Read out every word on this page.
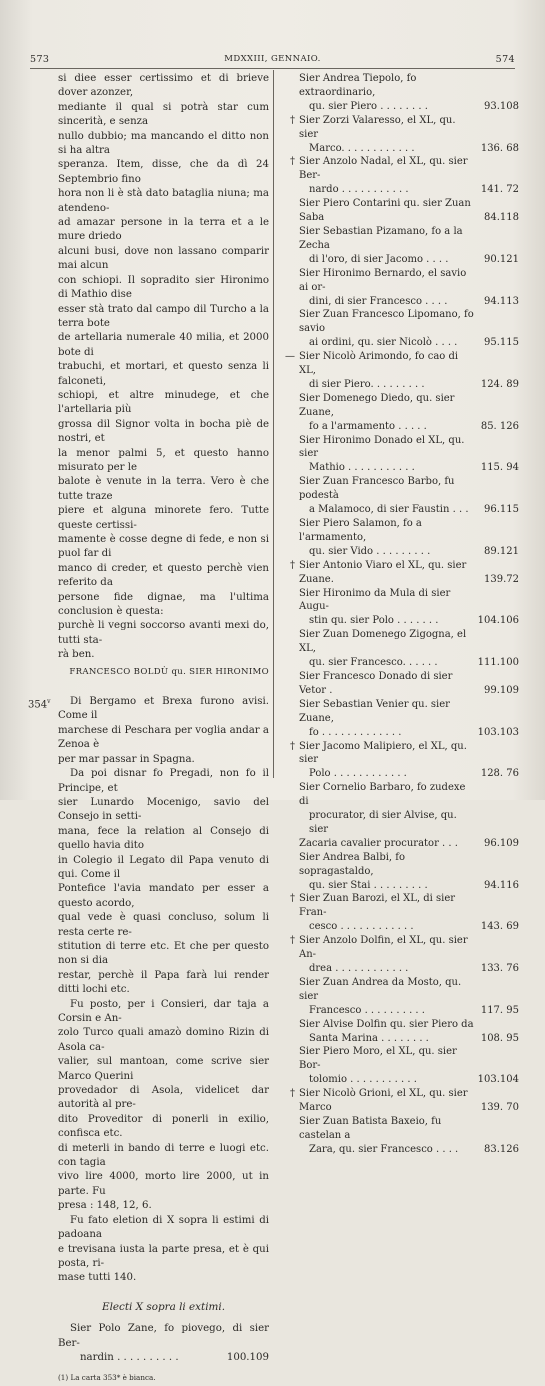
573	MDXXIII, GENNAIO.	574

si diee esser certissimo et di brieve dover azonzer,

mediante il qual si potrà star cum sincerità, e senza

nullo dubbio; ma mancando el ditto non si ha altra

speranza. Item, disse, che da dì 24 Septembrio fino

hora non li è stà dato bataglia niuna; ma atendeno-

ad amazar persone in la terra et a le mure driedo

alcuni busi, dove non lassano comparir mai alcun

con schiopi. Il sopradito sier Hironimo di Mathio dise

esser stà trato dal campo dil Turcho a la terra bote

de artellaria numerale 40 milia, et 2000 bote di

trabuchi, et mortari, et questo senza li falconeti,

schiopi, et altre minudege, et che l'artellaria più

grossa dil Signor volta in bocha piè de nostri, et

la menor palmi 5, et questo hanno misurato per le

balote è venute in la terra. Vero è che tutte traze

piere et alguna minorete fero. Tutte queste certissi-

mamente è cosse degne di fede, e non si puol far di

manco di creder, et questo perchè vien referito da

persone fide dignae, ma l'ultima conclusion è questa:

purchè li vegni soccorso avanti mexi do, tutti sta-

rà ben.

FRANCESCO BOLDÙ qu. SIER HIRONIMO

354$^v$	Di Bergamo et Brexa furono avisi. Come il

marchese di Peschara per voglia andar a Zenoa è

per mar passar in Spagna.

Da poi disnar fo Pregadi, non fo il Principe, et

sier Lunardo Mocenigo, savio del Consejo in setti-

mana, fece la relation al Consejo di quello havia dito

in Colegio il Legato dil Papa venuto di qui. Come il

Pontefice l'avia mandato per esser a questo acordo,

qual vede è quasi concluso, solum li resta certe re-

stitution di terre etc. Et che per questo non si dia

restar, perchè il Papa farà lui render ditti lochi etc.

Fu posto, per i Consieri, dar taja a Corsin e An-

zolo Turco quali amazò domino Rizin di Asola ca-

valier, sul mantoan, come scrive sier Marco Querini

provedador di Asola, videlicet dar autorità al pre-

dito Proveditor di ponerli in exilio, confisca etc.

di meterli in bando di terre e luogi etc. con tagia

vivo lire 4000, morto lire 2000, ut in parte. Fu

presa : 148, 12, 6.

Fu fato eletion di X sopra li estimi di padoana

e trevisana iusta la parte presa, et è qui posta, ri-

mase tutti 140.

Electi X sopra li extimi.

Sier Polo Zane, fo piovego, di sier Ber-

nardin . . . . . . . . . .	100.109

(1) La carta 353* è bianca.

Sier Andrea Tiepolo, fo extraordinario,
qu. sier Piero . . . . . . . .	93.108
† Sier Zorzi Valaresso, el XL, qu. sier
Marco. . . . . . . . . . . .	136. 68
† Sier Anzolo Nadal, el XL, qu. sier Ber-
nardo . . . . . . . . . . .	141. 72
Sier Piero Contarini qu. sier Zuan Saba	84.118
Sier Sebastian Pizamano, fo a la Zecha
di l'oro, di sier Jacomo . . . .	90.121
Sier Hironimo Bernardo, el savio ai or-
dini, di sier Francesco . . . .	94.113
Sier Zuan Francesco Lipomano, fo savio
ai ordini, qu. sier Nicolò . . . .	95.115
— Sier Nicolò Arimondo, fo cao di XL,
di sier Piero. . . . . . . . .	124. 89
Sier Domenego Diedo, qu. sier Zuane,
fo a l'armamento . . . . .	85. 126
Sier Hironimo Donado el XL, qu. sier
Mathio . . . . . . . . . . .	115. 94
Sier Zuan Francesco Barbo, fu podestà
a Malamoco, di sier Faustin . . .	96.115
Sier Piero Salamon, fo a l'armamento,
qu. sier Vido . . . . . . . . .	89.121
† Sier Antonio Viaro el XL, qu. sier Zuane.	139.72
Sier Hironimo da Mula di sier Augu-
stin qu. sier Polo . . . . . . .	104.106
Sier Zuan Domenego Zigogna, el XL,
qu. sier Francesco. . . . . .	111.100
Sier Francesco Donado di sier Vetor .	99.109
Sier Sebastian Venier qu. sier Zuane,
fo . . . . . . . . . . . . .	103.103
† Sier Jacomo Malipiero, el XL, qu. sier
Polo . . . . . . . . . . . .	128. 76
Sier Cornelio Barbaro, fo zudexe di
procurator, di sier Alvise, qu. sier
Zacaria cavalier procurator . . .	96.109
Sier Andrea Balbi, fo sopragastaldo,
qu. sier Stai . . . . . . . . .	94.116
† Sier Zuan Barozi, el XL, di sier Fran-
cesco . . . . . . . . . . . .	143. 69
† Sier Anzolo Dolfin, el XL, qu. sier An-
drea . . . . . . . . . . . .	133. 76
Sier Zuan Andrea da Mosto, qu. sier
Francesco . . . . . . . . . .	117. 95
Sier Alvise Dolfin qu. sier Piero da
Santa Marina . . . . . . . .	108. 95
Sier Piero Moro, el XL, qu. sier Bor-
tolomio . . . . . . . . . . .	103.104
† Sier Nicolò Grioni, el XL, qu. sier Marco	139. 70
Sier Zuan Batista Baxeio, fu castelan a
Zara, qu. sier Francesco . . . .	83.126
